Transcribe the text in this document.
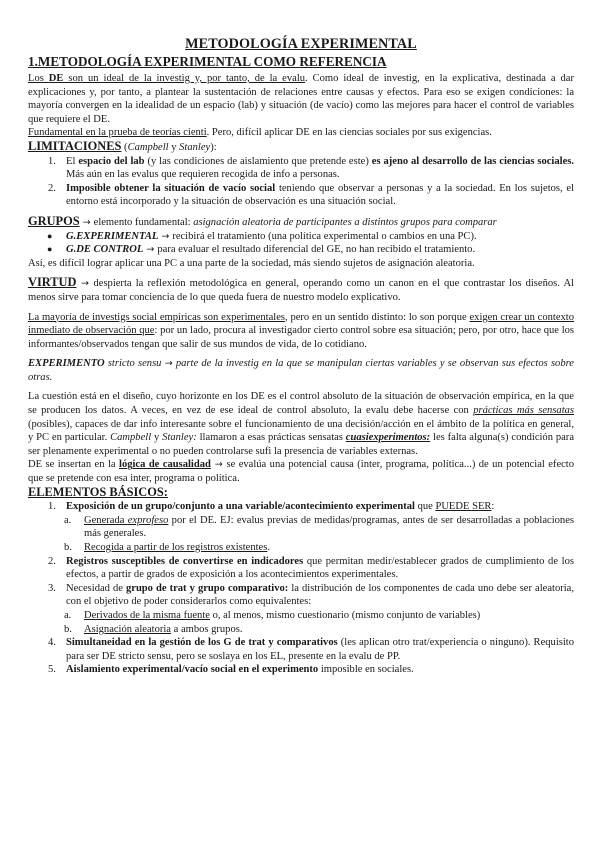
METODOLOGÍA EXPERIMENTAL
1.METODOLOGÍA EXPERIMENTAL COMO REFERENCIA

Los DE son un ideal de la investig y, por tanto, de la evalu. Como ideal de investig, en la explicativa, destinada a dar explicaciones y, por tanto, a plantear la sustentación de relaciones entre causas y efectos. Para eso se exigen condiciones: la mayoría convergen en la idealidad de un espacio (lab) y situación (de vacío) como las mejores para hacer el control de variables que requiere el DE.

Fundamental en la prueba de teorías cienti. Pero, difícil aplicar DE en las ciencias sociales por sus exigencias.

LIMITACIONES (Campbell y Stanley):

1. El espacio del lab (y las condiciones de aislamiento que pretende este) es ajeno al desarrollo de las ciencias sociales. Más aún en las evalus que requieren recogida de info a personas.
2. Imposible obtener la situación de vacío social teniendo que observar a personas y a la sociedad. En los sujetos, el entorno está incorporado y la situación de observación es una situación social.

GRUPOS → elemento fundamental: asignación aleatoria de participantes a distintos grupos para comparar

● G.EXPERIMENTAL → recibirá el tratamiento (una política experimental o cambios en una PC).
● G.DE CONTROL → para evaluar el resultado diferencial del GE, no han recibido el tratamiento.

Así, es difícil lograr aplicar una PC a una parte de la sociedad, más siendo sujetos de asignación aleatoria.

VIRTUD → despierta la reflexión metodológica en general, operando como un canon en el que contrastar los diseños. Al menos sirve para tomar conciencia de lo que queda fuera de nuestro modelo explicativo.

La mayoría de investigs social empíricas son experimentales, pero en un sentido distinto: lo son porque exigen crear un contexto inmediato de observación que: por un lado, procura al investigador cierto control sobre esa situación; pero, por otro, hace que los informantes/observados tengan que salir de sus mundos de vida, de lo cotidiano.

EXPERIMENTO stricto sensu → parte de la investig en la que se manipulan ciertas variables y se observan sus efectos sobre otras.

La cuestión está en el diseño, cuyo horizonte en los DE es el control absoluto de la situación de observación empírica, en la que se producen los datos. A veces, en vez de ese ideal de control absoluto, la evalu debe hacerse con prácticas más sensatas (posibles), capaces de dar info interesante sobre el funcionamiento de una decisión/acción en el ámbito de la política en general, y PC en particular. Campbell y Stanley: llamaron a esas prácticas sensatas cuasiexperimentos: les falta alguna(s) condición para ser plenamente experimental o no pueden controlarse sufi la presencia de variables externas.

DE se insertan en la lógica de causalidad → se evalúa una potencial causa (inter, programa, política...) de un potencial efecto que se pretende con esa inter, programa o política.

ELEMENTOS BÁSICOS:

1. Exposición de un grupo/conjunto a una variable/acontecimiento experimental que PUEDE SER:
a. Generada exprofeso por el DE. EJ: evalus previas de medidas/programas, antes de ser desarrolladas a poblaciones más generales.
b. Recogida a partir de los registros existentes.
2. Registros susceptibles de convertirse en indicadores que permitan medir/establecer grados de cumplimiento de los efectos, a partir de grados de exposición a los acontecimientos experimentales.
3. Necesidad de grupo de trat y grupo comparativo: la distribución de los componentes de cada uno debe ser aleatoria, con el objetivo de poder considerarlos como equivalentes:
a. Derivados de la misma fuente o, al menos, mismo cuestionario (mismo conjunto de variables)
b. Asignación aleatoria a ambos grupos.
4. Simultaneidad en la gestión de los G de trat y comparativos (les aplican otro trat/experiencia o ninguno). Requisito para ser DE stricto sensu, pero se soslaya en los EL, presente en la evalu de PP.
5. Aislamiento experimental/vacío social en el experimento imposible en sociales.
